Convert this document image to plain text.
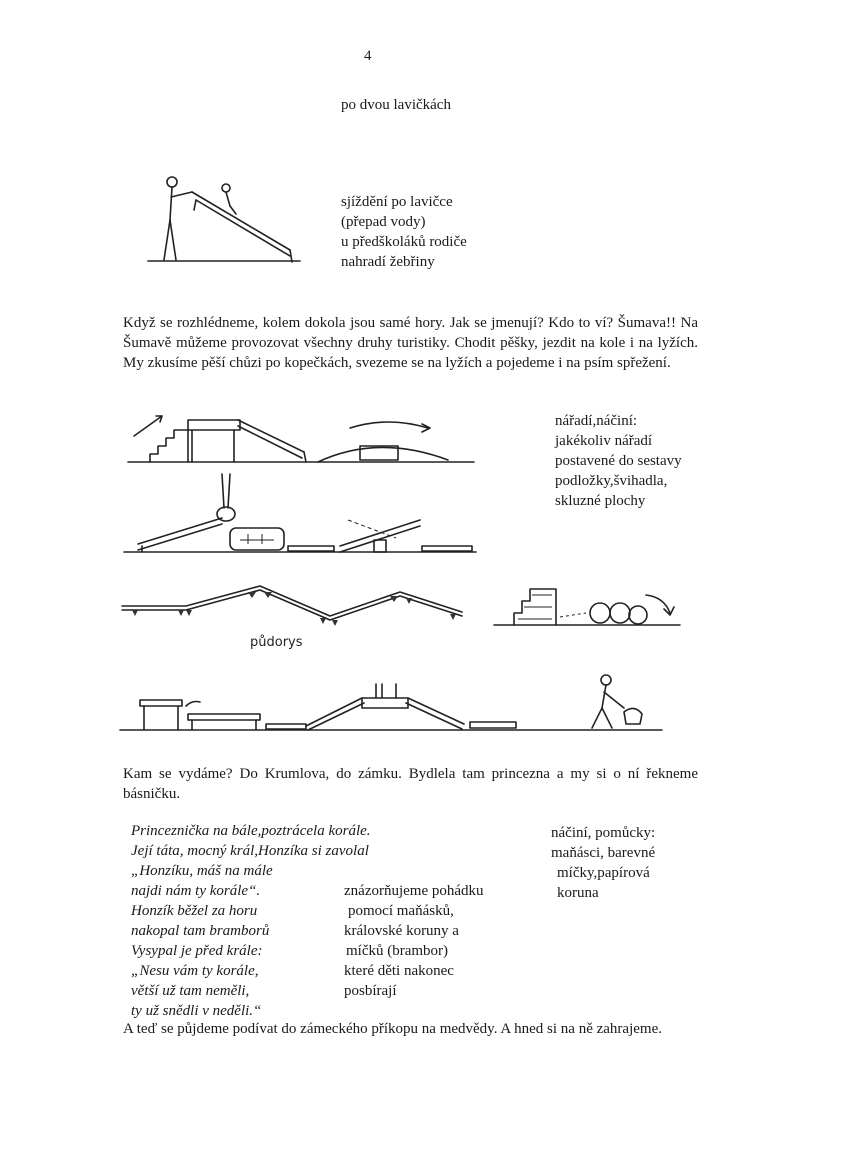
4
po dvou lavičkách
sjíždění po lavičce
(přepad vody)
u předškoláků rodiče
nahradí žebřiny
Když se rozhlédneme, kolem dokola jsou samé hory. Jak se jmenují? Kdo to ví? Šumava!! Na Šumavě můžeme provozovat všechny druhy turistiky. Chodit pěšky, jezdit na kole i na lyžích. My zkusíme pěší chůzi po kopečkách, svezeme se na lyžích a pojedeme i na psím spřežení.
nářadí,náčiní:
jakékoliv nářadí
postavené do sestavy
podložky,švihadla,
skluzné plochy
půdorys
Kam se vydáme? Do Krumlova, do zámku. Bydlela tam princezna a my si o ní řekneme básničku.
Princeznička na bále,poztrácela korále.
Její táta, mocný král,Honzíka si zavolal
„Honzíku, máš na mále
najdi nám ty korále“.
Honzík běžel za horu
nakopal tam bramborů
Vysypal je před krále:
„Nesu vám ty korále,
větší už tam neměli,
ty už snědli v neděli.“
znázorňujeme pohádku
pomocí maňásků,
královské koruny a
míčků (brambor)
které děti nakonec
posbírají
náčiní, pomůcky:
maňásci, barevné
míčky,papírová
koruna
A teď se půjdeme podívat do zámeckého příkopu na medvědy. A hned si na ně zahrajeme.
